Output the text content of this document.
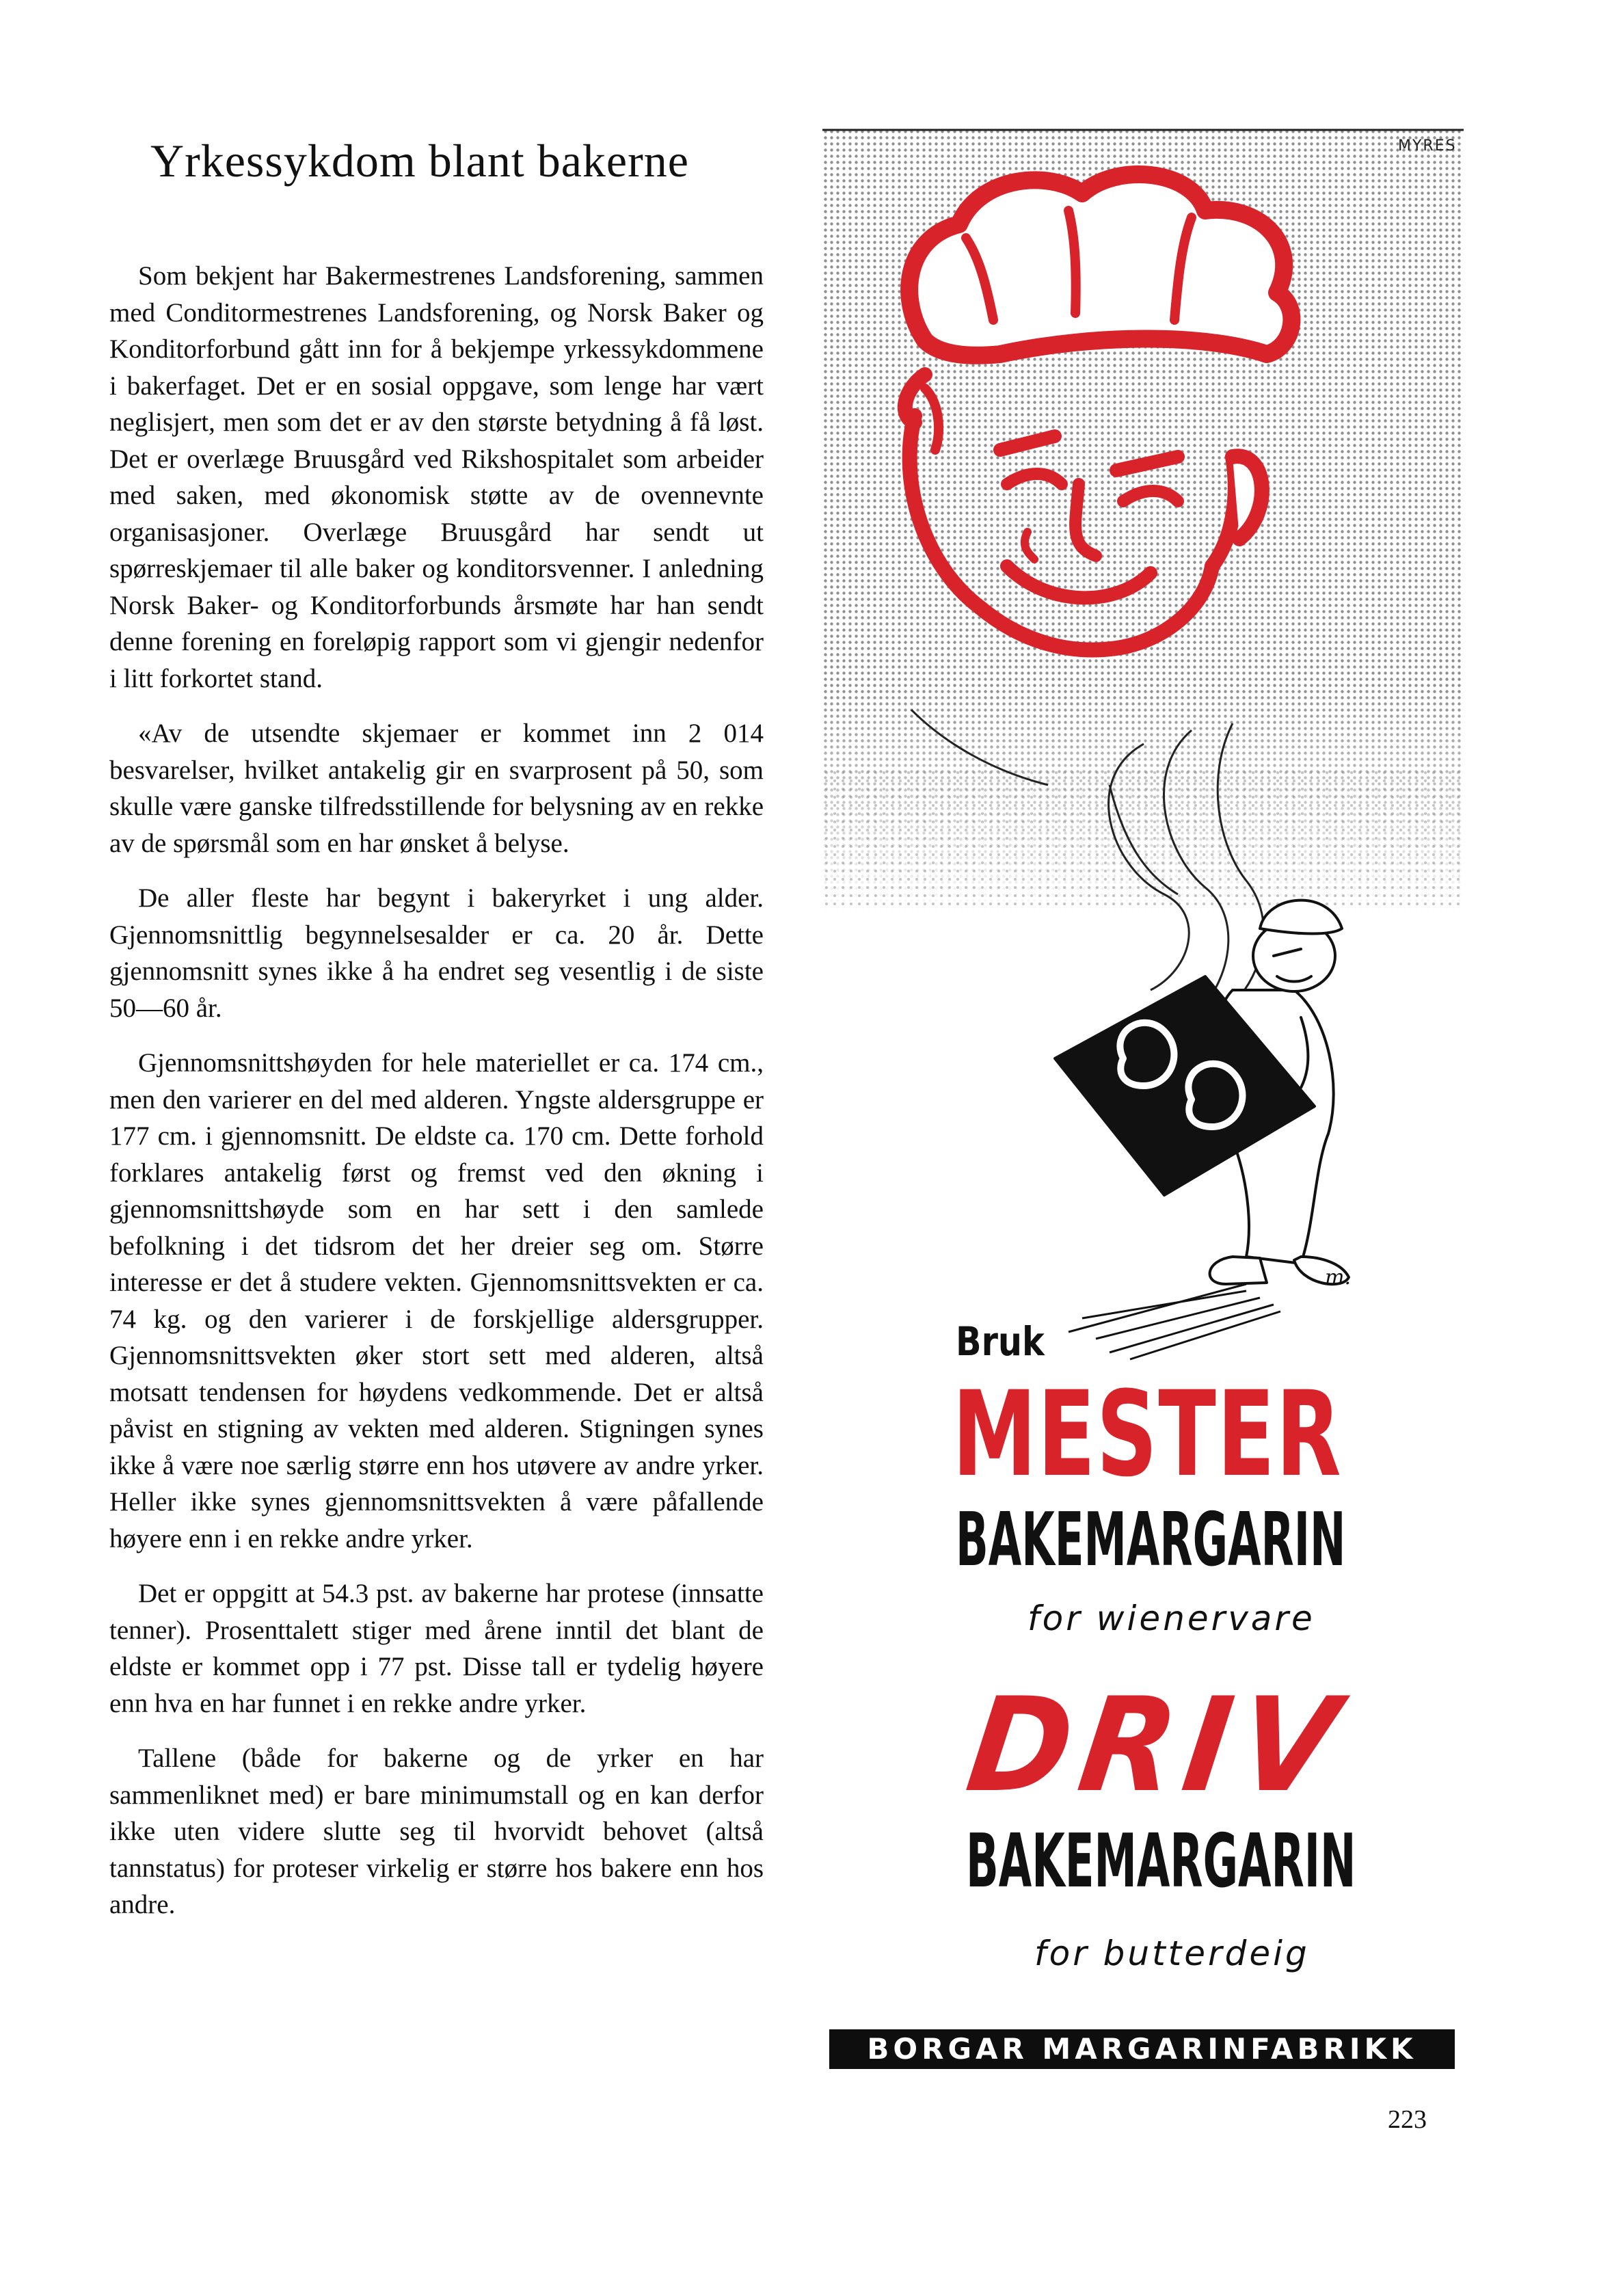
Yrkessykdom blant bakerne

Som bekjent har Bakermestrenes Landsforening, sammen med Conditormestrenes Landsforening, og Norsk Baker og Konditorforbund gått inn for å bekjempe yrkessykdommene i bakerfaget. Det er en sosial oppgave, som lenge har vært neglisjert, men som det er av den største betydning å få løst. Det er overlæge Bruusgård ved Rikshospitalet som arbeider med saken, med økonomisk støtte av de ovennevnte organisasjoner. Overlæge Bruusgård har sendt ut spørreskjemaer til alle baker og konditorsvenner. I anledning Norsk Baker- og Konditorforbunds årsmøte har han sendt denne forening en foreløpig rapport som vi gjengir nedenfor i litt forkortet stand.

«Av de utsendte skjemaer er kommet inn 2 014 besvarelser, hvilket antakelig gir en svarprosent på 50, som skulle være ganske tilfredsstillende for belysning av en rekke av de spørsmål som en har ønsket å belyse.

De aller fleste har begynt i bakeryrket i ung alder. Gjennomsnittlig begynnelsesalder er ca. 20 år. Dette gjennomsnitt synes ikke å ha endret seg vesentlig i de siste 50—60 år.

Gjennomsnittshøyden for hele materiellet er ca. 174 cm., men den varierer en del med alderen. Yngste aldersgruppe er 177 cm. i gjennomsnitt. De eldste ca. 170 cm. Dette forhold forklares antakelig først og fremst ved den økning i gjennomsnittshøyde som en har sett i den samlede befolkning i det tidsrom det her dreier seg om. Større interesse er det å studere vekten. Gjennomsnittsvekten er ca. 74 kg. og den varierer i de forskjellige aldersgrupper. Gjennomsnittsvekten øker stort sett med alderen, altså motsatt tendensen for høydens vedkommende. Det er altså påvist en stigning av vekten med alderen. Stigningen synes ikke å være noe særlig større enn hos utøvere av andre yrker. Heller ikke synes gjennomsnittsvekten å være påfallende høyere enn i en rekke andre yrker.

Det er oppgitt at 54.3 pst. av bakerne har protese (innsatte tenner). Prosenttalett stiger med årene inntil det blant de eldste er kommet opp i 77 pst. Disse tall er tydelig høyere enn hva en har funnet i en rekke andre yrker.

Tallene (både for bakerne og de yrker en har sammenliknet med) er bare minimumstall og en kan derfor ikke uten videre slutte seg til hvorvidt behovet (altså tannstatus) for proteser virkelig er større hos bakere enn hos andre.

MYRES
m.
Bruk
MESTER
BAKEMARGARIN
for wienervare
DRIV
BAKEMARGARIN
for butterdeig
BORGAR MARGARINFABRIKK A/L
223
